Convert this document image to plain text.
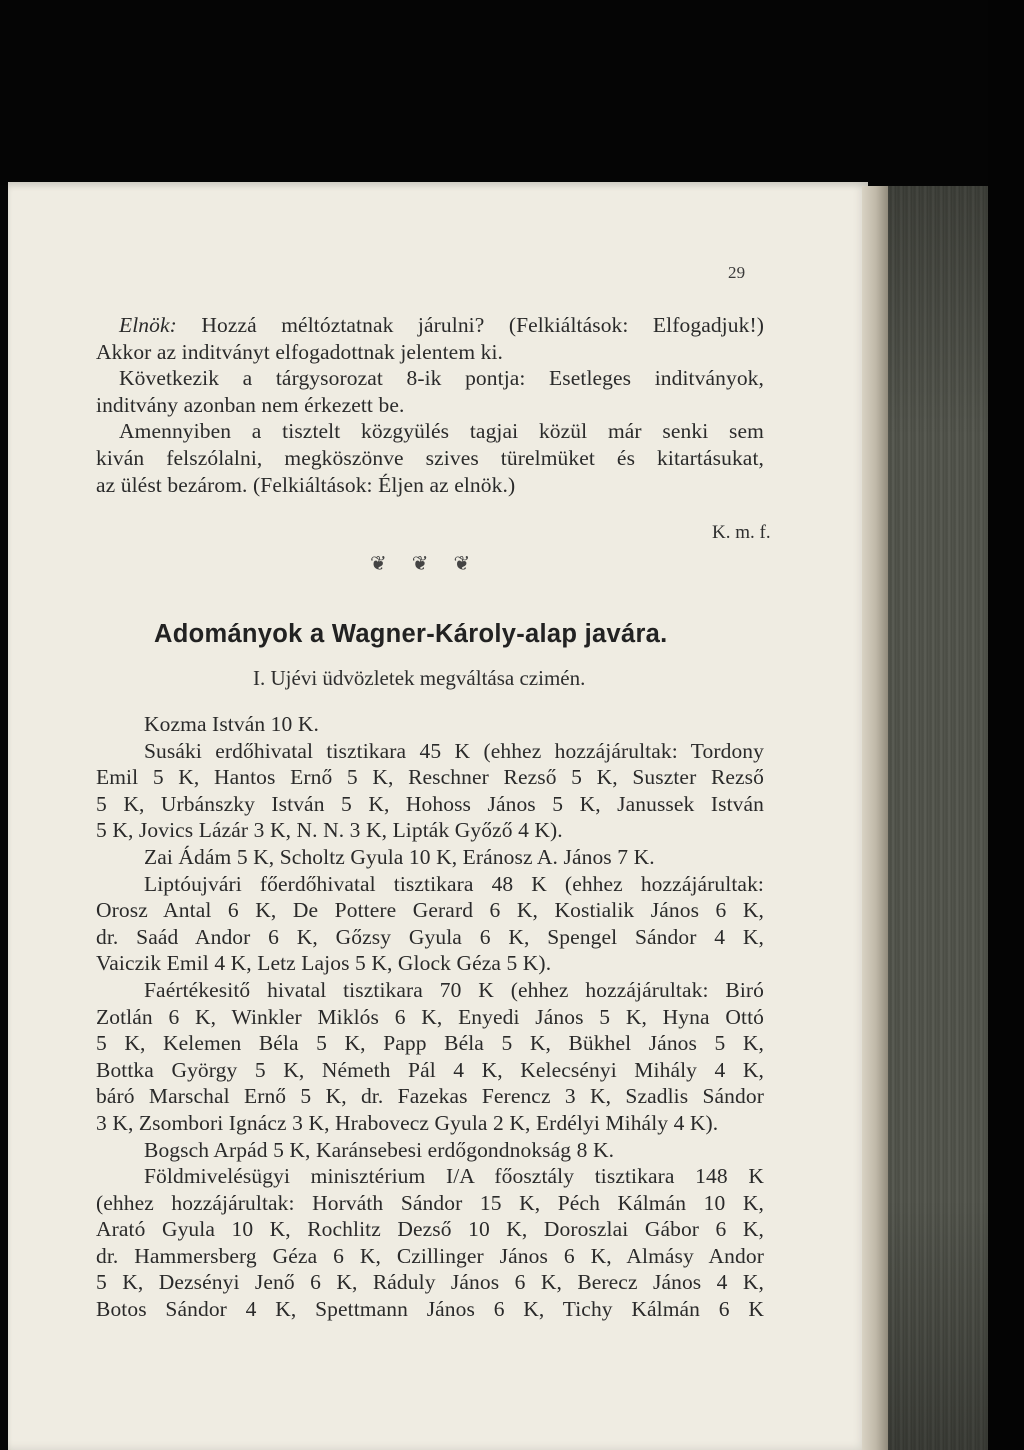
29
Elnök: Hozzá méltóztatnak járulni? (Felkiáltások: Elfogadjuk!)
Akkor az inditványt elfogadottnak jelentem ki.
Következik a tárgysorozat 8-ik pontja: Esetleges inditványok,
inditvány azonban nem érkezett be.
Amennyiben a tisztelt közgyülés tagjai közül már senki sem
kiván felszólalni, megköszönve szives türelmüket és kitartásukat,
az ülést bezárom. (Felkiáltások: Éljen az elnök.)
K. m. f.
❦ ❦ ❦
Adományok a Wagner-Károly-alap javára.
I. Ujévi üdvözletek megváltása czimén.
Kozma István 10 K.
Susáki erdőhivatal tisztikara 45 K (ehhez hozzájárultak: Tordony
Emil 5 K, Hantos Ernő 5 K, Reschner Rezső 5 K, Suszter Rezső
5 K, Urbánszky István 5 K, Hohoss János 5 K, Janussek István
5 K, Jovics Lázár 3 K, N. N. 3 K, Lipták Győző 4 K).
Zai Ádám 5 K, Scholtz Gyula 10 K, Eránosz A. János 7 K.
Liptóujvári főerdőhivatal tisztikara 48 K (ehhez hozzájárultak:
Orosz Antal 6 K, De Pottere Gerard 6 K, Kostialik János 6 K,
dr. Saád Andor 6 K, Gőzsy Gyula 6 K, Spengel Sándor 4 K,
Vaiczik Emil 4 K, Letz Lajos 5 K, Glock Géza 5 K).
Faértékesitő hivatal tisztikara 70 K (ehhez hozzájárultak: Biró
Zotlán 6 K, Winkler Miklós 6 K, Enyedi János 5 K, Hyna Ottó
5 K, Kelemen Béla 5 K, Papp Béla 5 K, Bükhel János 5 K,
Bottka György 5 K, Németh Pál 4 K, Kelecsényi Mihály 4 K,
báró Marschal Ernő 5 K, dr. Fazekas Ferencz 3 K, Szadlis Sándor
3 K, Zsombori Ignácz 3 K, Hrabovecz Gyula 2 K, Erdélyi Mihály 4 K).
Bogsch Arpád 5 K, Karánsebesi erdőgondnokság 8 K.
Földmivelésügyi minisztérium I/A főosztály tisztikara 148 K
(ehhez hozzájárultak: Horváth Sándor 15 K, Péch Kálmán 10 K,
Arató Gyula 10 K, Rochlitz Dezső 10 K, Doroszlai Gábor 6 K,
dr. Hammersberg Géza 6 K, Czillinger János 6 K, Almásy Andor
5 K, Dezsényi Jenő 6 K, Ráduly János 6 K, Berecz János 4 K,
Botos Sándor 4 K, Spettmann János 6 K, Tichy Kálmán 6 K
